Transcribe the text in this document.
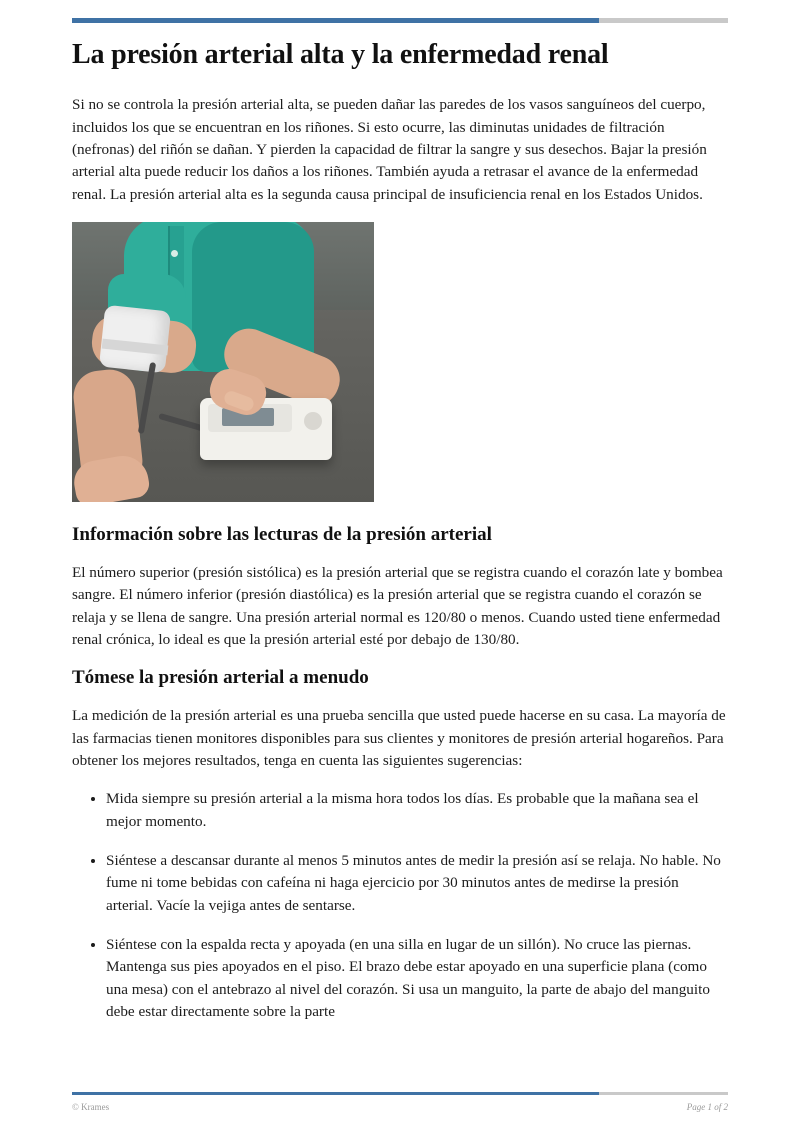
La presión arterial alta y la enfermedad renal

Si no se controla la presión arterial alta, se pueden dañar las paredes de los vasos sanguíneos del cuerpo, incluidos los que se encuentran en los riñones. Si esto ocurre, las diminutas unidades de filtración (nefronas) del riñón se dañan. Y pierden la capacidad de filtrar la sangre y sus desechos. Bajar la presión arterial alta puede reducir los daños a los riñones. También ayuda a retrasar el avance de la enfermedad renal. La presión arterial alta es la segunda causa principal de insuficiencia renal en los Estados Unidos.

Información sobre las lecturas de la presión arterial

El número superior (presión sistólica) es la presión arterial que se registra cuando el corazón late y bombea sangre. El número inferior (presión diastólica) es la presión arterial que se registra cuando el corazón se relaja y se llena de sangre. Una presión arterial normal es 120/80 o menos. Cuando usted tiene enfermedad renal crónica, lo ideal es que la presión arterial esté por debajo de 130/80.

Tómese la presión arterial a menudo

La medición de la presión arterial es una prueba sencilla que usted puede hacerse en su casa. La mayoría de las farmacias tienen monitores disponibles para sus clientes y monitores de presión arterial hogareños. Para obtener los mejores resultados, tenga en cuenta las siguientes sugerencias:

• Mida siempre su presión arterial a la misma hora todos los días. Es probable que la mañana sea el mejor momento.
• Siéntese a descansar durante al menos 5 minutos antes de medir la presión así se relaja. No hable. No fume ni tome bebidas con cafeína ni haga ejercicio por 30 minutos antes de medirse la presión arterial. Vacíe la vejiga antes de sentarse.
• Siéntese con la espalda recta y apoyada (en una silla en lugar de un sillón). No cruce las piernas. Mantenga sus pies apoyados en el piso. El brazo debe estar apoyado en una superficie plana (como una mesa) con el antebrazo al nivel del corazón. Si usa un manguito, la parte de abajo del manguito debe estar directamente sobre la parte
© Krames	Page 1 of 2
